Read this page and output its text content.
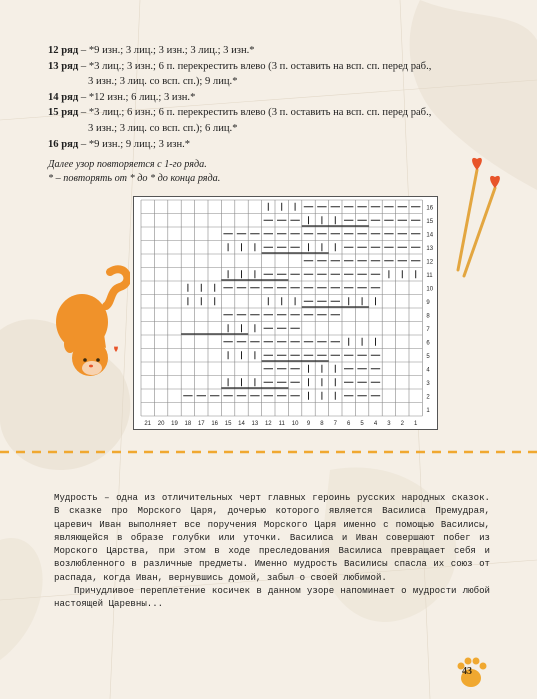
12 ряд – *9 изн.; 3 лиц.; 3 изн.; 3 лиц.; 3 изн.*
13 ряд – *3 лиц.; 3 изн.; 6 п. перекрестить влево (3 п. оставить на всп. сп. перед раб.,
3 изн.; 3 лиц. со всп. сп.); 9 лиц.*
14 ряд – *12 изн.; 6 лиц.; 3 изн.*
15 ряд – *3 лиц.; 6 изн.; 6 п. перекрестить влево (3 п. оставить на всп. сп. перед раб.,
3 изн.; 3 лиц. со всп. сп.); 6 лиц.*
16 ряд – *9 изн.; 9 лиц.; 3 изн.*
Далее узор повторяется с 1-го ряда.
* – повторять от * до * до конца ряда.
16
15
14
13
12
11
10
9
8
7
6
5
4
3
2
1
21 20 19 18 17 16 15 14 13 12 11 10 9 8 7 6 5 4 3 2 1

Мудрость – одна из отличительных черт главных героинь русских народных сказок. В сказке про Морского Царя, дочерью которого является Василиса Премудрая, царевич Иван выполняет все поручения Морского Царя именно с помощью Василисы, являющейся в образе голубки или уточки. Василиса и Иван совершают побег из Морского Царства, при этом в ходе преследования Василиса превращает себя и возлюбленного в различные предметы. Именно мудрость Василисы спасла их союз от распада, когда Иван, вернувшись домой, забыл о своей любимой.

Причудливое переплетение косичек в данном узоре напоминает о мудрости любой настоящей Царевны...

43
